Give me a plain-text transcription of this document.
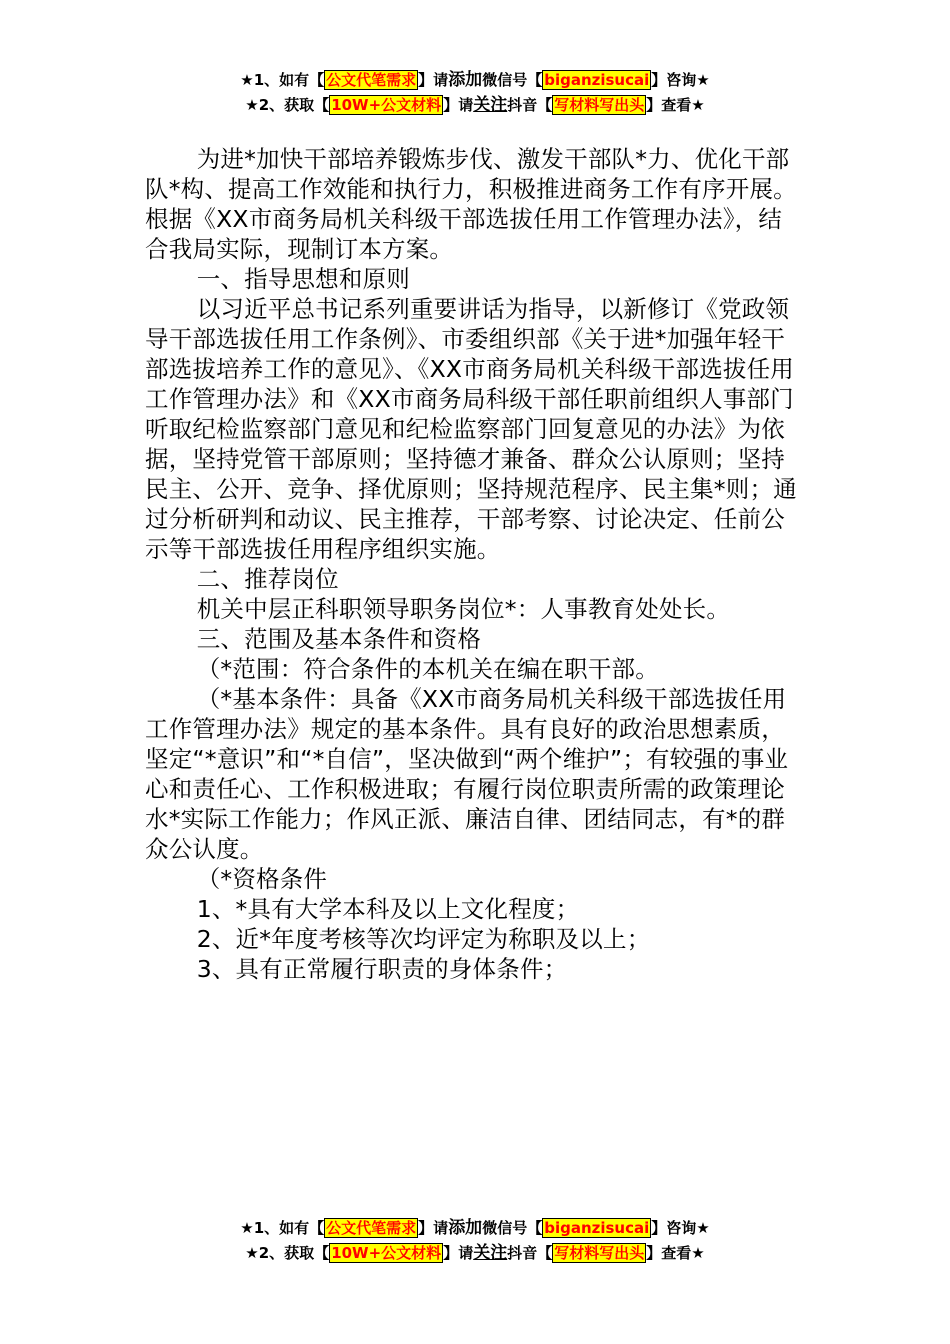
★1、如有【 公文代笔需求 】请添加微信号【 biganzisucai 】咨询★
★2、获取【 10W+公文材料 】请关注抖音【 写材料写出头 】查看★

为进*加快干部培养锻炼步伐、激发干部队*力、优化干部队*构、提高工作效能和执行力，积极推进商务工作有序开展。根据《XX市商务局机关科级干部选拔任用工作管理办法》，结合我局实际，现制订本方案。

一、指导思想和原则

以习近平总书记系列重要讲话为指导，以新修订《党政领导干部选拔任用工作条例》、市委组织部《关于进*加强年轻干部选拔培养工作的意见》、《XX市商务局机关科级干部选拔任用工作管理办法》和《XX市商务局科级干部任职前组织人事部门听取纪检监察部门意见和纪检监察部门回复意见的办法》为依据，坚持党管干部原则；坚持德才兼备、群众公认原则；坚持民主、公开、竞争、择优原则；坚持规范程序、民主集*则；通过分析研判和动议、民主推荐，干部考察、讨论决定、任前公示等干部选拔任用程序组织实施。

二、推荐岗位

机关中层正科职领导职务岗位*：人事教育处处长。

三、范围及基本条件和资格

（*范围：符合条件的本机关在编在职干部。

（*基本条件：具备《XX市商务局机关科级干部选拔任用工作管理办法》规定的基本条件。具有良好的政治思想素质，坚定“*意识”和“*自信”，坚决做到“两个维护”；有较强的事业心和责任心、工作积极进取；有履行岗位职责所需的政策理论水*实际工作能力；作风正派、廉洁自律、团结同志，有*的群众公认度。

（*资格条件

1、*具有大学本科及以上文化程度；

2、近*年度考核等次均评定为称职及以上；

3、具有正常履行职责的身体条件；

★1、如有【 公文代笔需求 】请添加微信号【 biganzisucai 】咨询★
★2、获取【 10W+公文材料 】请关注抖音【 写材料写出头 】查看★
